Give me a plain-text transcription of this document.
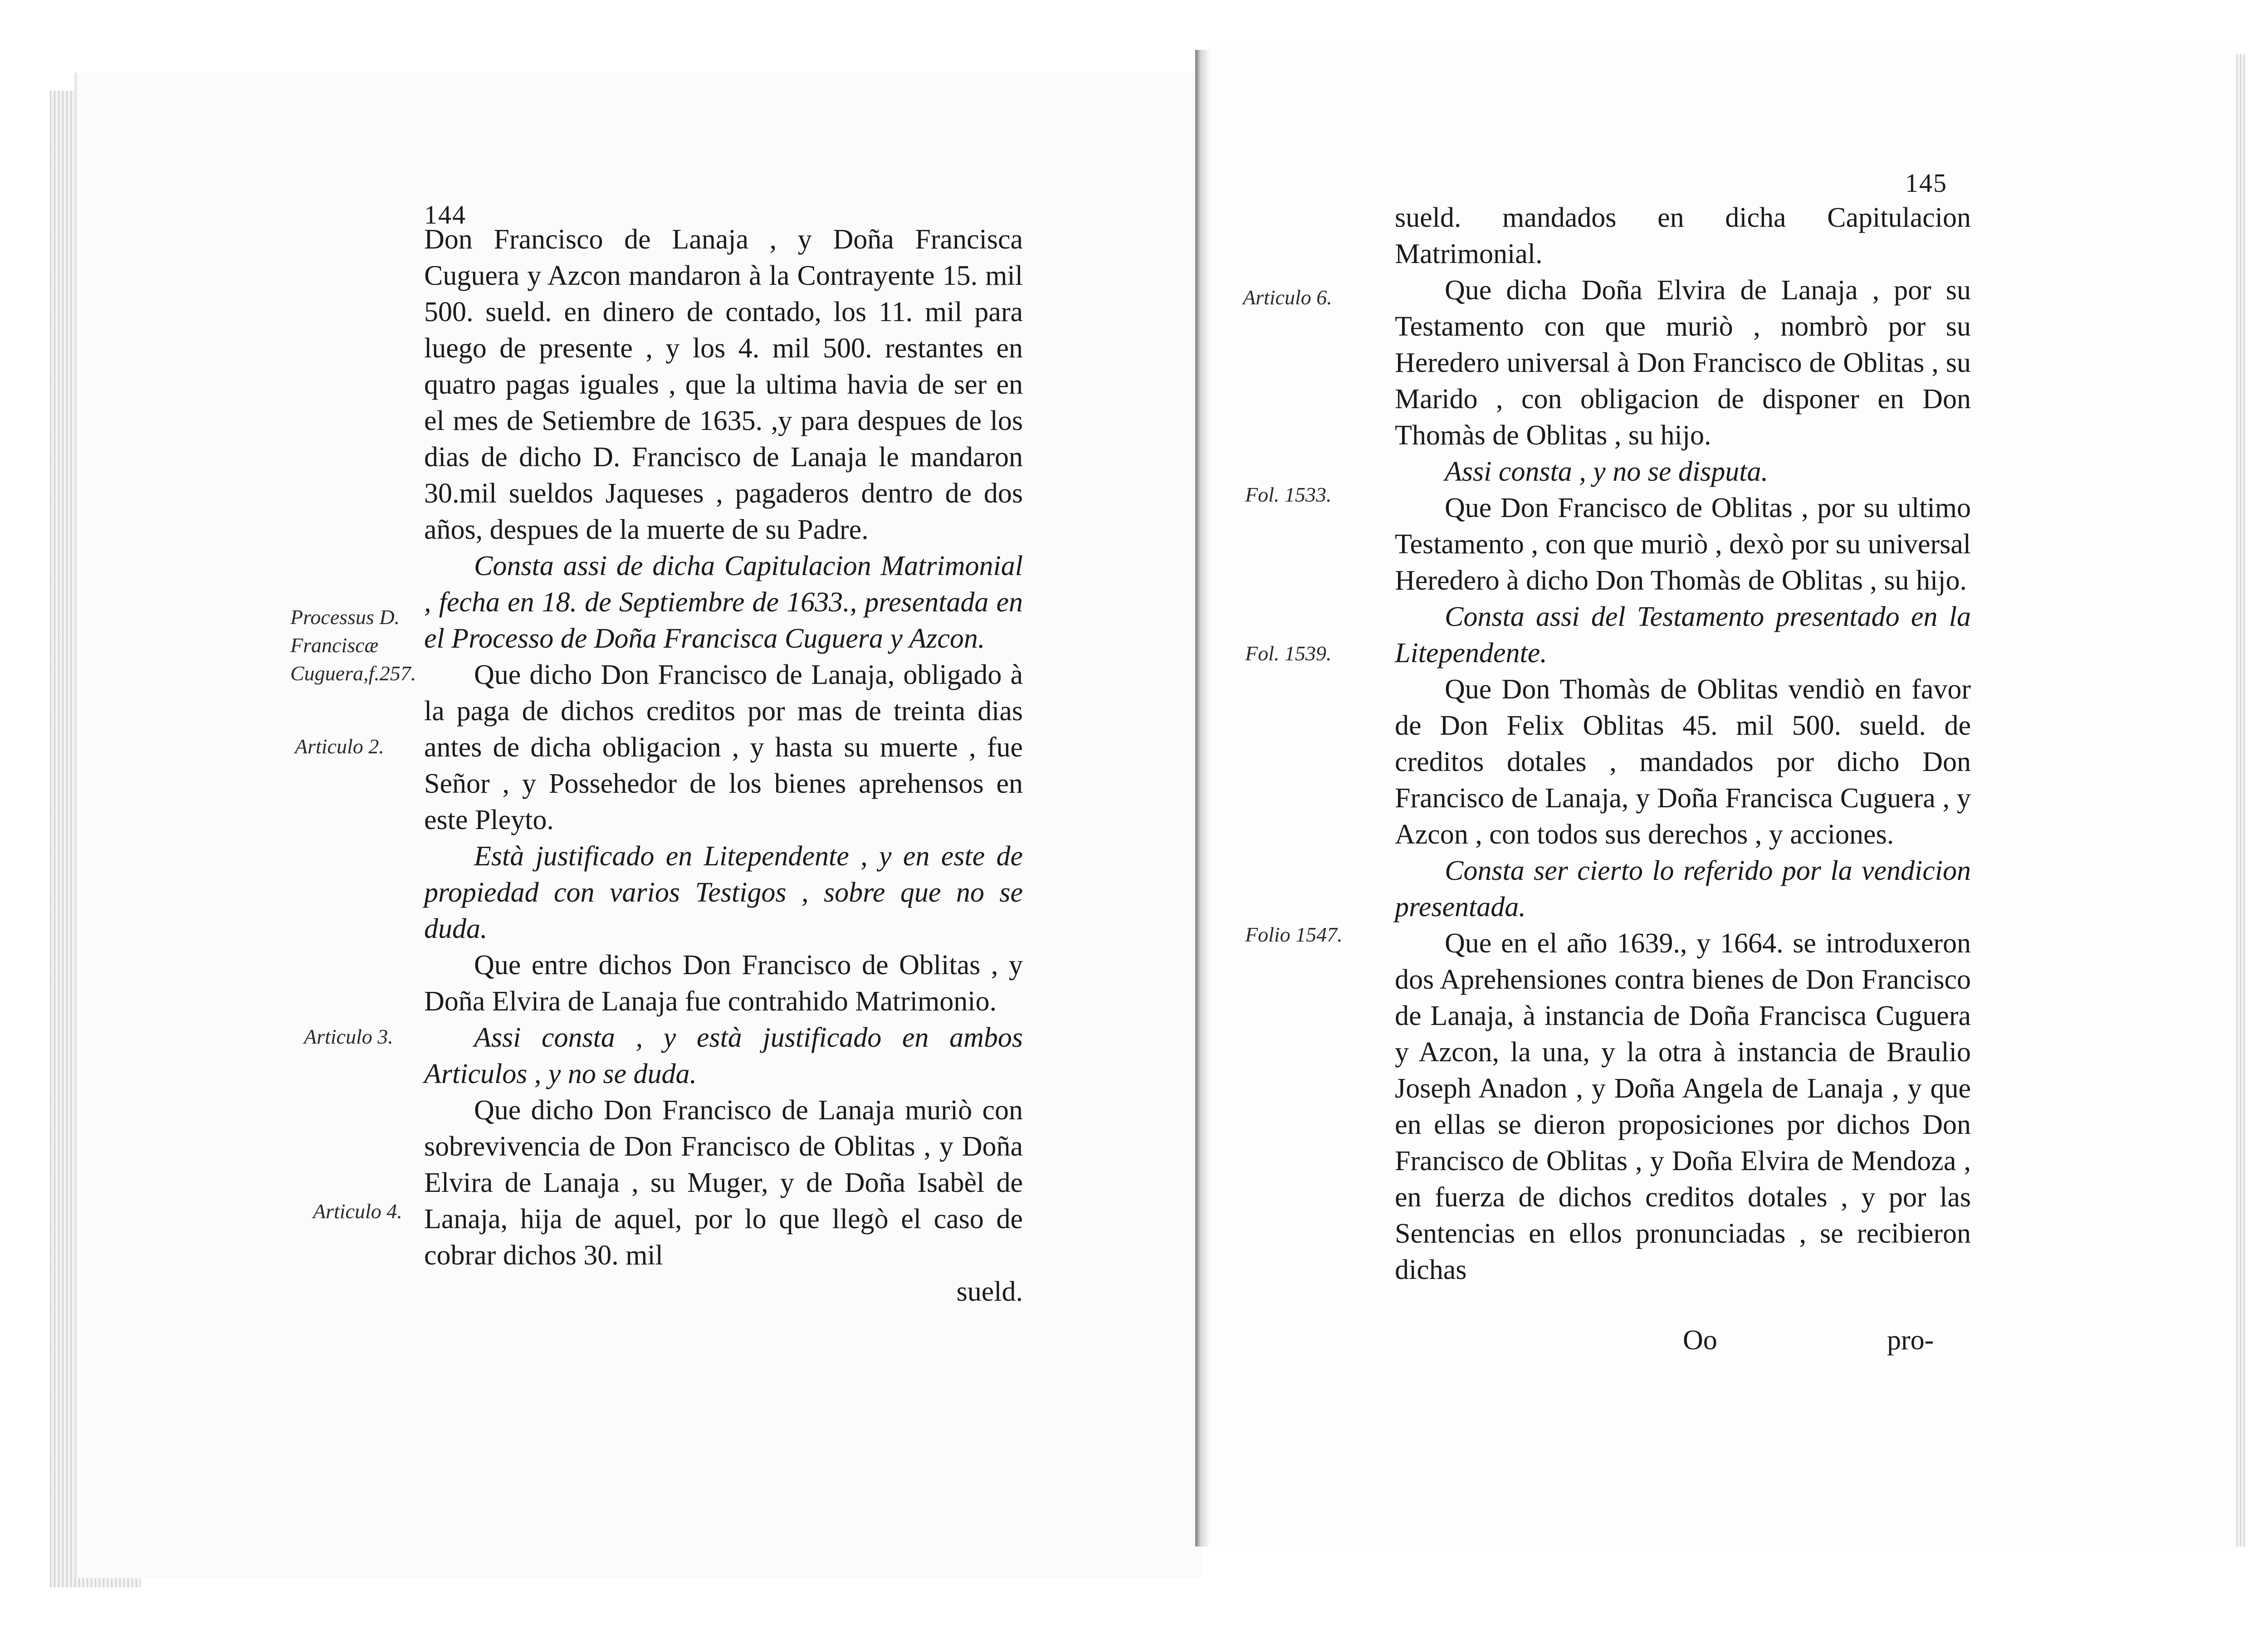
144

Don Francisco de Lanaja , y Doña Francisca Cuguera y Azcon mandaron à la Contrayente 15. mil 500. sueld. en dinero de contado, los 11. mil para luego de presente , y los 4. mil 500. restantes en quatro pagas iguales , que la ultima havia de ser en el mes de Setiembre de 1635. ,y para despues de los dias de dicho D. Francisco de Lanaja le mandaron 30.mil sueldos Jaqueses , pagaderos dentro de dos años, despues de la muerte de su Padre.

Consta assi de dicha Capitulacion Matrimonial , fecha en 18. de Septiembre de 1633., presentada en el Processo de Doña Francisca Cuguera y Azcon.

Que dicho Don Francisco de Lanaja, obligado à la paga de dichos creditos por mas de treinta dias antes de dicha obligacion , y hasta su muerte , fue Señor , y Possehedor de los bienes aprehensos en este Pleyto.

Està justificado en Litependente , y en este de propiedad con varios Testigos , sobre que no se duda.

Que entre dichos Don Francisco de Oblitas , y Doña Elvira de Lanaja fue contrahido Matrimonio.

Assi consta , y està justificado en ambos Articulos , y no se duda.

Que dicho Don Francisco de Lanaja muriò con sobrevivencia de Don Francisco de Oblitas , y Doña Elvira de Lanaja , su Muger, y de Doña Isabèl de Lanaja, hija de aquel, por lo que llegò el caso de cobrar dichos 30. mil

sueld.

Processus D. Franciscæ Cuguera,f.257.
Articulo 2.
Articulo 3.
Articulo 4.
145

sueld. mandados en dicha Capitulacion Matrimonial.

Que dicha Doña Elvira de Lanaja , por su Testamento con que muriò , nombrò por su Heredero universal à Don Francisco de Oblitas , su Marido , con obligacion de disponer en Don Thomàs de Oblitas , su hijo.

Assi consta , y no se disputa.

Que Don Francisco de Oblitas , por su ultimo Testamento , con que muriò , dexò por su universal Heredero à dicho Don Thomàs de Oblitas , su hijo.

Consta assi del Testamento presentado en la Litependente.

Que Don Thomàs de Oblitas vendiò en favor de Don Felix Oblitas 45. mil 500. sueld. de creditos dotales , mandados por dicho Don Francisco de Lanaja, y Doña Francisca Cuguera , y Azcon , con todos sus derechos , y acciones.

Consta ser cierto lo referido por la vendicion presentada.

Que en el año 1639., y 1664. se introduxeron dos Aprehensiones contra bienes de Don Francisco de Lanaja, à instancia de Doña Francisca Cuguera y Azcon, la una, y la otra à instancia de Braulio Joseph Anadon , y Doña Angela de Lanaja , y que en ellas se dieron proposiciones por dichos Don Francisco de Oblitas , y Doña Elvira de Mendoza , en fuerza de dichos creditos dotales , y por las Sentencias en ellos pronunciadas , se recibieron dichas

Oo	pro-
Articulo 6.
Fol. 1533.
Fol. 1539.
Folio 1547.
